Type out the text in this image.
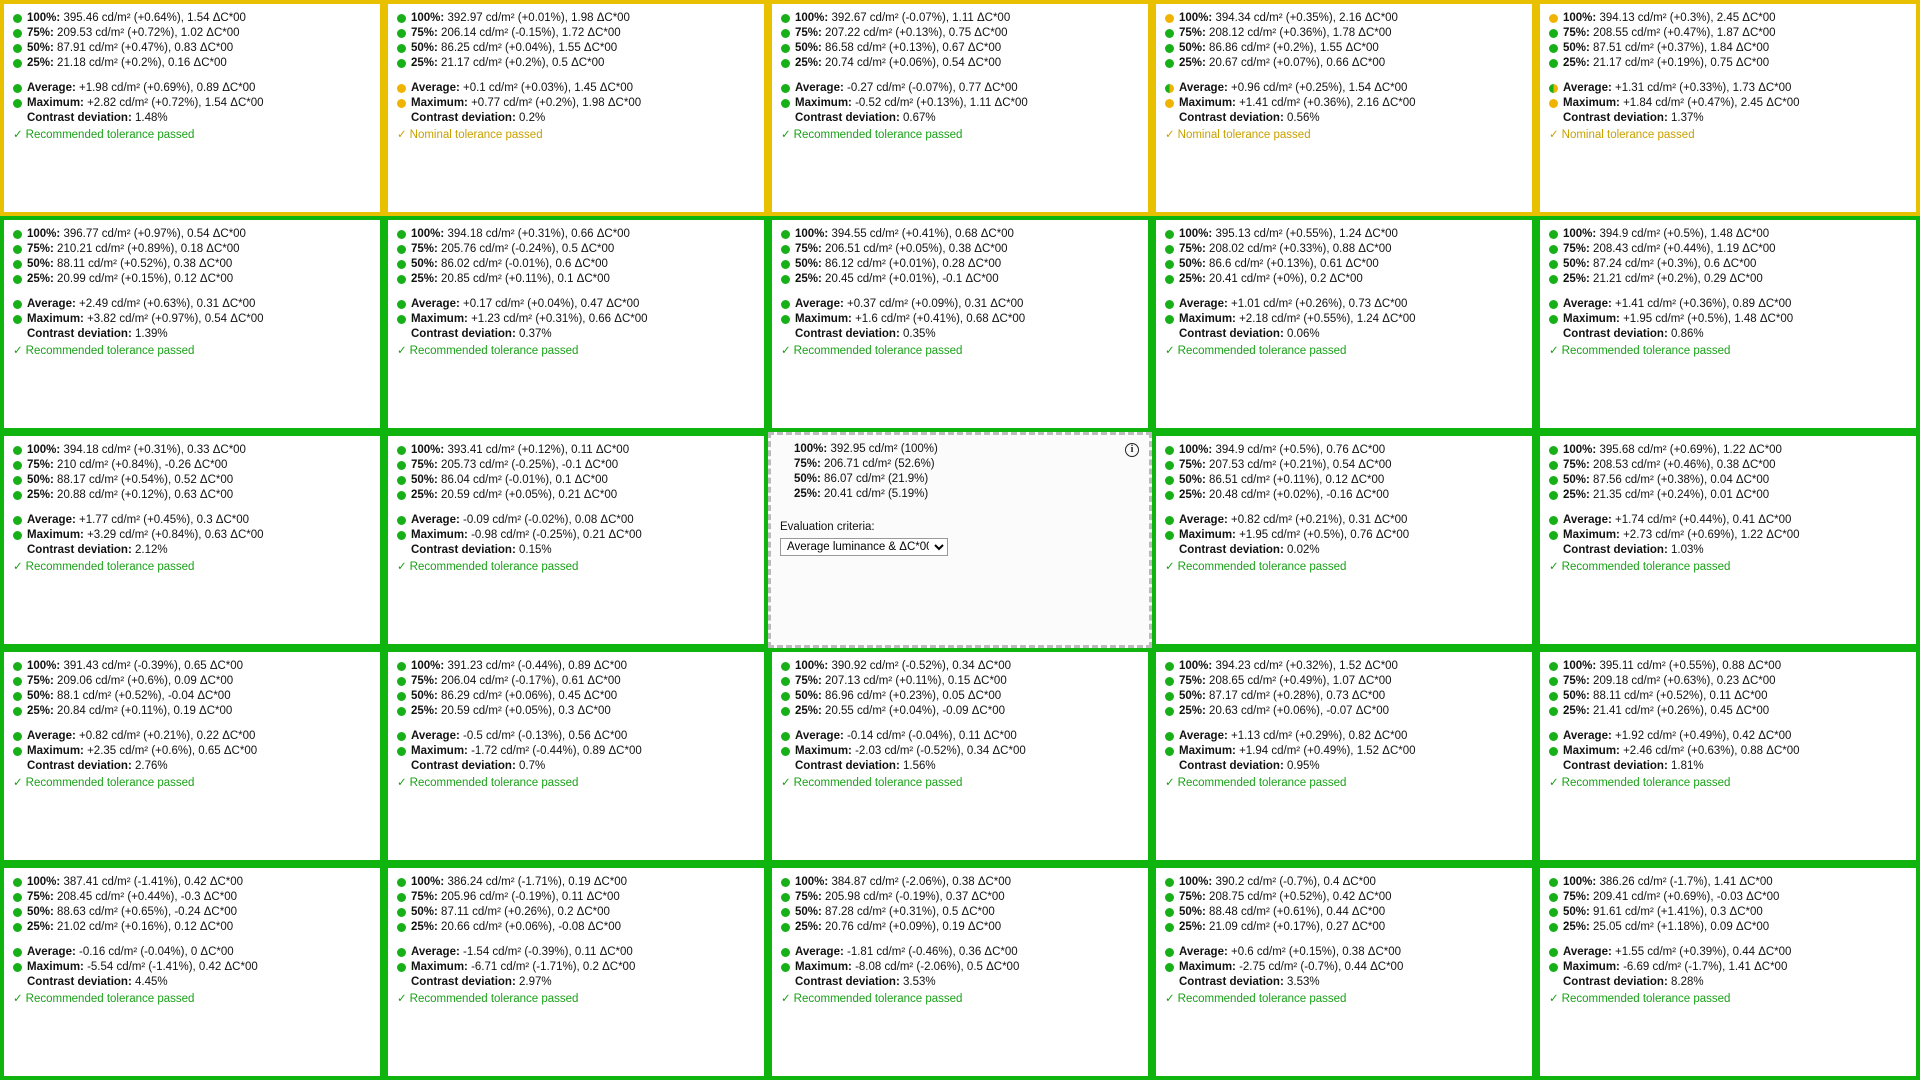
100%: 395.46 cd/m² (+0.64%), 1.54 ΔC*00
75%: 209.53 cd/m² (+0.72%), 1.02 ΔC*00
50%: 87.91 cd/m² (+0.47%), 0.83 ΔC*00
25%: 21.18 cd/m² (+0.2%), 0.16 ΔC*00
Average: +1.98 cd/m² (+0.69%), 0.89 ΔC*00
Maximum: +2.82 cd/m² (+0.72%), 1.54 ΔC*00
Contrast deviation: 1.48%
✓ Recommended tolerance passed
100%: 392.97 cd/m² (+0.01%), 1.98 ΔC*00
75%: 206.14 cd/m² (-0.15%), 1.72 ΔC*00
50%: 86.25 cd/m² (+0.04%), 1.55 ΔC*00
25%: 21.17 cd/m² (+0.2%), 0.5 ΔC*00
Average: +0.1 cd/m² (+0.03%), 1.45 ΔC*00
Maximum: +0.77 cd/m² (+0.2%), 1.98 ΔC*00
Contrast deviation: 0.2%
✓ Nominal tolerance passed
100%: 392.67 cd/m² (-0.07%), 1.11 ΔC*00
75%: 207.22 cd/m² (+0.13%), 0.75 ΔC*00
50%: 86.58 cd/m² (+0.13%), 0.67 ΔC*00
25%: 20.74 cd/m² (+0.06%), 0.54 ΔC*00
Average: -0.27 cd/m² (-0.07%), 0.77 ΔC*00
Maximum: -0.52 cd/m² (+0.13%), 1.11 ΔC*00
Contrast deviation: 0.67%
✓ Recommended tolerance passed
100%: 394.34 cd/m² (+0.35%), 2.16 ΔC*00
75%: 208.12 cd/m² (+0.36%), 1.78 ΔC*00
50%: 86.86 cd/m² (+0.2%), 1.55 ΔC*00
25%: 20.67 cd/m² (+0.07%), 0.66 ΔC*00
Average: +0.96 cd/m² (+0.25%), 1.54 ΔC*00
Maximum: +1.41 cd/m² (+0.36%), 2.16 ΔC*00
Contrast deviation: 0.56%
✓ Nominal tolerance passed
100%: 394.13 cd/m² (+0.3%), 2.45 ΔC*00
75%: 208.55 cd/m² (+0.47%), 1.87 ΔC*00
50%: 87.51 cd/m² (+0.37%), 1.84 ΔC*00
25%: 21.17 cd/m² (+0.19%), 0.75 ΔC*00
Average: +1.31 cd/m² (+0.33%), 1.73 ΔC*00
Maximum: +1.84 cd/m² (+0.47%), 2.45 ΔC*00
Contrast deviation: 1.37%
✓ Nominal tolerance passed
100%: 396.77 cd/m² (+0.97%), 0.54 ΔC*00
75%: 210.21 cd/m² (+0.89%), 0.18 ΔC*00
50%: 88.11 cd/m² (+0.52%), 0.38 ΔC*00
25%: 20.99 cd/m² (+0.15%), 0.12 ΔC*00
Average: +2.49 cd/m² (+0.63%), 0.31 ΔC*00
Maximum: +3.82 cd/m² (+0.97%), 0.54 ΔC*00
Contrast deviation: 1.39%
✓ Recommended tolerance passed
100%: 394.18 cd/m² (+0.31%), 0.66 ΔC*00
75%: 205.76 cd/m² (-0.24%), 0.5 ΔC*00
50%: 86.02 cd/m² (-0.01%), 0.6 ΔC*00
25%: 20.85 cd/m² (+0.11%), 0.1 ΔC*00
Average: +0.17 cd/m² (+0.04%), 0.47 ΔC*00
Maximum: +1.23 cd/m² (+0.31%), 0.66 ΔC*00
Contrast deviation: 0.37%
✓ Recommended tolerance passed
100%: 394.55 cd/m² (+0.41%), 0.68 ΔC*00
75%: 206.51 cd/m² (+0.05%), 0.38 ΔC*00
50%: 86.12 cd/m² (+0.01%), 0.28 ΔC*00
25%: 20.45 cd/m² (+0.01%), -0.1 ΔC*00
Average: +0.37 cd/m² (+0.09%), 0.31 ΔC*00
Maximum: +1.6 cd/m² (+0.41%), 0.68 ΔC*00
Contrast deviation: 0.35%
✓ Recommended tolerance passed
100%: 395.13 cd/m² (+0.55%), 1.24 ΔC*00
75%: 208.02 cd/m² (+0.33%), 0.88 ΔC*00
50%: 86.6 cd/m² (+0.13%), 0.61 ΔC*00
25%: 20.41 cd/m² (+0%), 0.2 ΔC*00
Average: +1.01 cd/m² (+0.26%), 0.73 ΔC*00
Maximum: +2.18 cd/m² (+0.55%), 1.24 ΔC*00
Contrast deviation: 0.06%
✓ Recommended tolerance passed
100%: 394.9 cd/m² (+0.5%), 1.48 ΔC*00
75%: 208.43 cd/m² (+0.44%), 1.19 ΔC*00
50%: 87.24 cd/m² (+0.3%), 0.6 ΔC*00
25%: 21.21 cd/m² (+0.2%), 0.29 ΔC*00
Average: +1.41 cd/m² (+0.36%), 0.89 ΔC*00
Maximum: +1.95 cd/m² (+0.5%), 1.48 ΔC*00
Contrast deviation: 0.86%
✓ Recommended tolerance passed
100%: 394.18 cd/m² (+0.31%), 0.33 ΔC*00
75%: 210 cd/m² (+0.84%), -0.26 ΔC*00
50%: 88.17 cd/m² (+0.54%), 0.52 ΔC*00
25%: 20.88 cd/m² (+0.12%), 0.63 ΔC*00
Average: +1.77 cd/m² (+0.45%), 0.3 ΔC*00
Maximum: +3.29 cd/m² (+0.84%), 0.63 ΔC*00
Contrast deviation: 2.12%
✓ Recommended tolerance passed
100%: 393.41 cd/m² (+0.12%), 0.11 ΔC*00
75%: 205.73 cd/m² (-0.25%), -0.1 ΔC*00
50%: 86.04 cd/m² (-0.01%), 0.1 ΔC*00
25%: 20.59 cd/m² (+0.05%), 0.21 ΔC*00
Average: -0.09 cd/m² (-0.02%), 0.08 ΔC*00
Maximum: -0.98 cd/m² (-0.25%), 0.21 ΔC*00
Contrast deviation: 0.15%
✓ Recommended tolerance passed
100%: 392.95 cd/m² (100%)
75%: 206.71 cd/m² (52.6%)
50%: 86.07 cd/m² (21.9%)
25%: 20.41 cd/m² (5.19%)
i
Evaluation criteria:
Average luminance & ΔC*00
100%: 394.9 cd/m² (+0.5%), 0.76 ΔC*00
75%: 207.53 cd/m² (+0.21%), 0.54 ΔC*00
50%: 86.51 cd/m² (+0.11%), 0.12 ΔC*00
25%: 20.48 cd/m² (+0.02%), -0.16 ΔC*00
Average: +0.82 cd/m² (+0.21%), 0.31 ΔC*00
Maximum: +1.95 cd/m² (+0.5%), 0.76 ΔC*00
Contrast deviation: 0.02%
✓ Recommended tolerance passed
100%: 395.68 cd/m² (+0.69%), 1.22 ΔC*00
75%: 208.53 cd/m² (+0.46%), 0.38 ΔC*00
50%: 87.56 cd/m² (+0.38%), 0.04 ΔC*00
25%: 21.35 cd/m² (+0.24%), 0.01 ΔC*00
Average: +1.74 cd/m² (+0.44%), 0.41 ΔC*00
Maximum: +2.73 cd/m² (+0.69%), 1.22 ΔC*00
Contrast deviation: 1.03%
✓ Recommended tolerance passed
100%: 391.43 cd/m² (-0.39%), 0.65 ΔC*00
75%: 209.06 cd/m² (+0.6%), 0.09 ΔC*00
50%: 88.1 cd/m² (+0.52%), -0.04 ΔC*00
25%: 20.84 cd/m² (+0.11%), 0.19 ΔC*00
Average: +0.82 cd/m² (+0.21%), 0.22 ΔC*00
Maximum: +2.35 cd/m² (+0.6%), 0.65 ΔC*00
Contrast deviation: 2.76%
✓ Recommended tolerance passed
100%: 391.23 cd/m² (-0.44%), 0.89 ΔC*00
75%: 206.04 cd/m² (-0.17%), 0.61 ΔC*00
50%: 86.29 cd/m² (+0.06%), 0.45 ΔC*00
25%: 20.59 cd/m² (+0.05%), 0.3 ΔC*00
Average: -0.5 cd/m² (-0.13%), 0.56 ΔC*00
Maximum: -1.72 cd/m² (-0.44%), 0.89 ΔC*00
Contrast deviation: 0.7%
✓ Recommended tolerance passed
100%: 390.92 cd/m² (-0.52%), 0.34 ΔC*00
75%: 207.13 cd/m² (+0.11%), 0.15 ΔC*00
50%: 86.96 cd/m² (+0.23%), 0.05 ΔC*00
25%: 20.55 cd/m² (+0.04%), -0.09 ΔC*00
Average: -0.14 cd/m² (-0.04%), 0.11 ΔC*00
Maximum: -2.03 cd/m² (-0.52%), 0.34 ΔC*00
Contrast deviation: 1.56%
✓ Recommended tolerance passed
100%: 394.23 cd/m² (+0.32%), 1.52 ΔC*00
75%: 208.65 cd/m² (+0.49%), 1.07 ΔC*00
50%: 87.17 cd/m² (+0.28%), 0.73 ΔC*00
25%: 20.63 cd/m² (+0.06%), -0.07 ΔC*00
Average: +1.13 cd/m² (+0.29%), 0.82 ΔC*00
Maximum: +1.94 cd/m² (+0.49%), 1.52 ΔC*00
Contrast deviation: 0.95%
✓ Recommended tolerance passed
100%: 395.11 cd/m² (+0.55%), 0.88 ΔC*00
75%: 209.18 cd/m² (+0.63%), 0.23 ΔC*00
50%: 88.11 cd/m² (+0.52%), 0.11 ΔC*00
25%: 21.41 cd/m² (+0.26%), 0.45 ΔC*00
Average: +1.92 cd/m² (+0.49%), 0.42 ΔC*00
Maximum: +2.46 cd/m² (+0.63%), 0.88 ΔC*00
Contrast deviation: 1.81%
✓ Recommended tolerance passed
100%: 387.41 cd/m² (-1.41%), 0.42 ΔC*00
75%: 208.45 cd/m² (+0.44%), -0.3 ΔC*00
50%: 88.63 cd/m² (+0.65%), -0.24 ΔC*00
25%: 21.02 cd/m² (+0.16%), 0.12 ΔC*00
Average: -0.16 cd/m² (-0.04%), 0 ΔC*00
Maximum: -5.54 cd/m² (-1.41%), 0.42 ΔC*00
Contrast deviation: 4.45%
✓ Recommended tolerance passed
100%: 386.24 cd/m² (-1.71%), 0.19 ΔC*00
75%: 205.96 cd/m² (-0.19%), 0.11 ΔC*00
50%: 87.11 cd/m² (+0.26%), 0.2 ΔC*00
25%: 20.66 cd/m² (+0.06%), -0.08 ΔC*00
Average: -1.54 cd/m² (-0.39%), 0.11 ΔC*00
Maximum: -6.71 cd/m² (-1.71%), 0.2 ΔC*00
Contrast deviation: 2.97%
✓ Recommended tolerance passed
100%: 384.87 cd/m² (-2.06%), 0.38 ΔC*00
75%: 205.98 cd/m² (-0.19%), 0.37 ΔC*00
50%: 87.28 cd/m² (+0.31%), 0.5 ΔC*00
25%: 20.76 cd/m² (+0.09%), 0.19 ΔC*00
Average: -1.81 cd/m² (-0.46%), 0.36 ΔC*00
Maximum: -8.08 cd/m² (-2.06%), 0.5 ΔC*00
Contrast deviation: 3.53%
✓ Recommended tolerance passed
100%: 390.2 cd/m² (-0.7%), 0.4 ΔC*00
75%: 208.75 cd/m² (+0.52%), 0.42 ΔC*00
50%: 88.48 cd/m² (+0.61%), 0.44 ΔC*00
25%: 21.09 cd/m² (+0.17%), 0.27 ΔC*00
Average: +0.6 cd/m² (+0.15%), 0.38 ΔC*00
Maximum: -2.75 cd/m² (-0.7%), 0.44 ΔC*00
Contrast deviation: 3.53%
✓ Recommended tolerance passed
100%: 386.26 cd/m² (-1.7%), 1.41 ΔC*00
75%: 209.41 cd/m² (+0.69%), -0.03 ΔC*00
50%: 91.61 cd/m² (+1.41%), 0.3 ΔC*00
25%: 25.05 cd/m² (+1.18%), 0.09 ΔC*00
Average: +1.55 cd/m² (+0.39%), 0.44 ΔC*00
Maximum: -6.69 cd/m² (-1.7%), 1.41 ΔC*00
Contrast deviation: 8.28%
✓ Recommended tolerance passed
